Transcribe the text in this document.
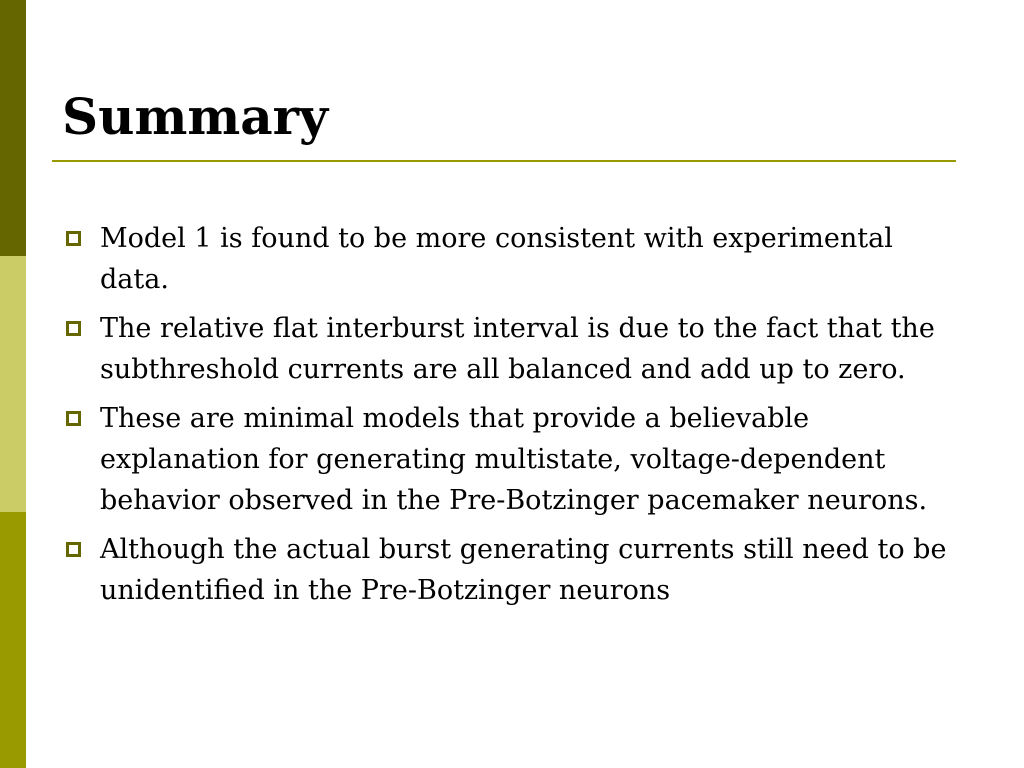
Summary
Model 1 is found to be more consistent with experimental data.
The relative flat interburst interval is due to the fact that the subthreshold currents are all balanced and add up to zero.
These are minimal models that provide a believable explanation for generating multistate, voltage-dependent behavior observed in the Pre-Botzinger pacemaker neurons.
Although the actual burst generating currents still need to be unidentified in the Pre-Botzinger neurons
